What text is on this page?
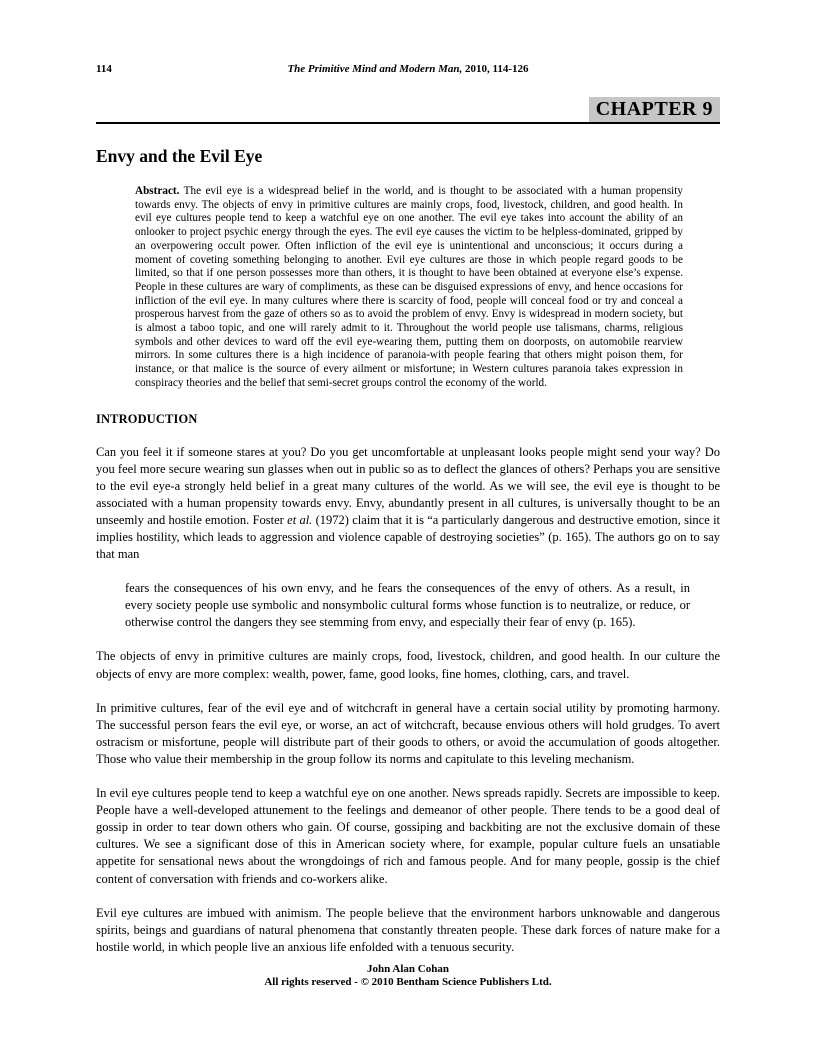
114	The Primitive Mind and Modern Man, 2010, 114-126
CHAPTER 9
Envy and the Evil Eye
Abstract. The evil eye is a widespread belief in the world, and is thought to be associated with a human propensity towards envy. The objects of envy in primitive cultures are mainly crops, food, livestock, children, and good health. In evil eye cultures people tend to keep a watchful eye on one another. The evil eye takes into account the ability of an onlooker to project psychic energy through the eyes. The evil eye causes the victim to be helpless-dominated, gripped by an overpowering occult power. Often infliction of the evil eye is unintentional and unconscious; it occurs during a moment of coveting something belonging to another. Evil eye cultures are those in which people regard goods to be limited, so that if one person possesses more than others, it is thought to have been obtained at everyone else’s expense. People in these cultures are wary of compliments, as these can be disguised expressions of envy, and hence occasions for infliction of the evil eye. In many cultures where there is scarcity of food, people will conceal food or try and conceal a prosperous harvest from the gaze of others so as to avoid the problem of envy. Envy is widespread in modern society, but is almost a taboo topic, and one will rarely admit to it. Throughout the world people use talismans, charms, religious symbols and other devices to ward off the evil eye-wearing them, putting them on doorposts, on automobile rearview mirrors. In some cultures there is a high incidence of paranoia-with people fearing that others might poison them, for instance, or that malice is the source of every ailment or misfortune; in Western cultures paranoia takes expression in conspiracy theories and the belief that semi-secret groups control the economy of the world.
INTRODUCTION

Can you feel it if someone stares at you? Do you get uncomfortable at unpleasant looks people might send your way? Do you feel more secure wearing sun glasses when out in public so as to deflect the glances of others? Perhaps you are sensitive to the evil eye-a strongly held belief in a great many cultures of the world. As we will see, the evil eye is thought to be associated with a human propensity towards envy. Envy, abundantly present in all cultures, is universally thought to be an unseemly and hostile emotion. Foster et al. (1972) claim that it is “a particularly dangerous and destructive emotion, since it implies hostility, which leads to aggression and violence capable of destroying societies” (p. 165). The authors go on to say that man

fears the consequences of his own envy, and he fears the consequences of the envy of others. As a result, in every society people use symbolic and nonsymbolic cultural forms whose function is to neutralize, or reduce, or otherwise control the dangers they see stemming from envy, and especially their fear of envy (p. 165).

The objects of envy in primitive cultures are mainly crops, food, livestock, children, and good health. In our culture the objects of envy are more complex: wealth, power, fame, good looks, fine homes, clothing, cars, and travel.

In primitive cultures, fear of the evil eye and of witchcraft in general have a certain social utility by promoting harmony. The successful person fears the evil eye, or worse, an act of witchcraft, because envious others will hold grudges. To avert ostracism or misfortune, people will distribute part of their goods to others, or avoid the accumulation of goods altogether. Those who value their membership in the group follow its norms and capitulate to this leveling mechanism.

In evil eye cultures people tend to keep a watchful eye on one another. News spreads rapidly. Secrets are impossible to keep. People have a well-developed attunement to the feelings and demeanor of other people. There tends to be a good deal of gossip in order to tear down others who gain. Of course, gossiping and backbiting are not the exclusive domain of these cultures. We see a significant dose of this in American society where, for example, popular culture fuels an unsatiable appetite for sensational news about the wrongdoings of rich and famous people. And for many people, gossip is the chief content of conversation with friends and co-workers alike.

Evil eye cultures are imbued with animism. The people believe that the environment harbors unknowable and dangerous spirits, beings and guardians of natural phenomena that constantly threaten people. These dark forces of nature make for a hostile world, in which people live an anxious life enfolded with a tenuous security.

John Alan Cohan
All rights reserved - © 2010 Bentham Science Publishers Ltd.
